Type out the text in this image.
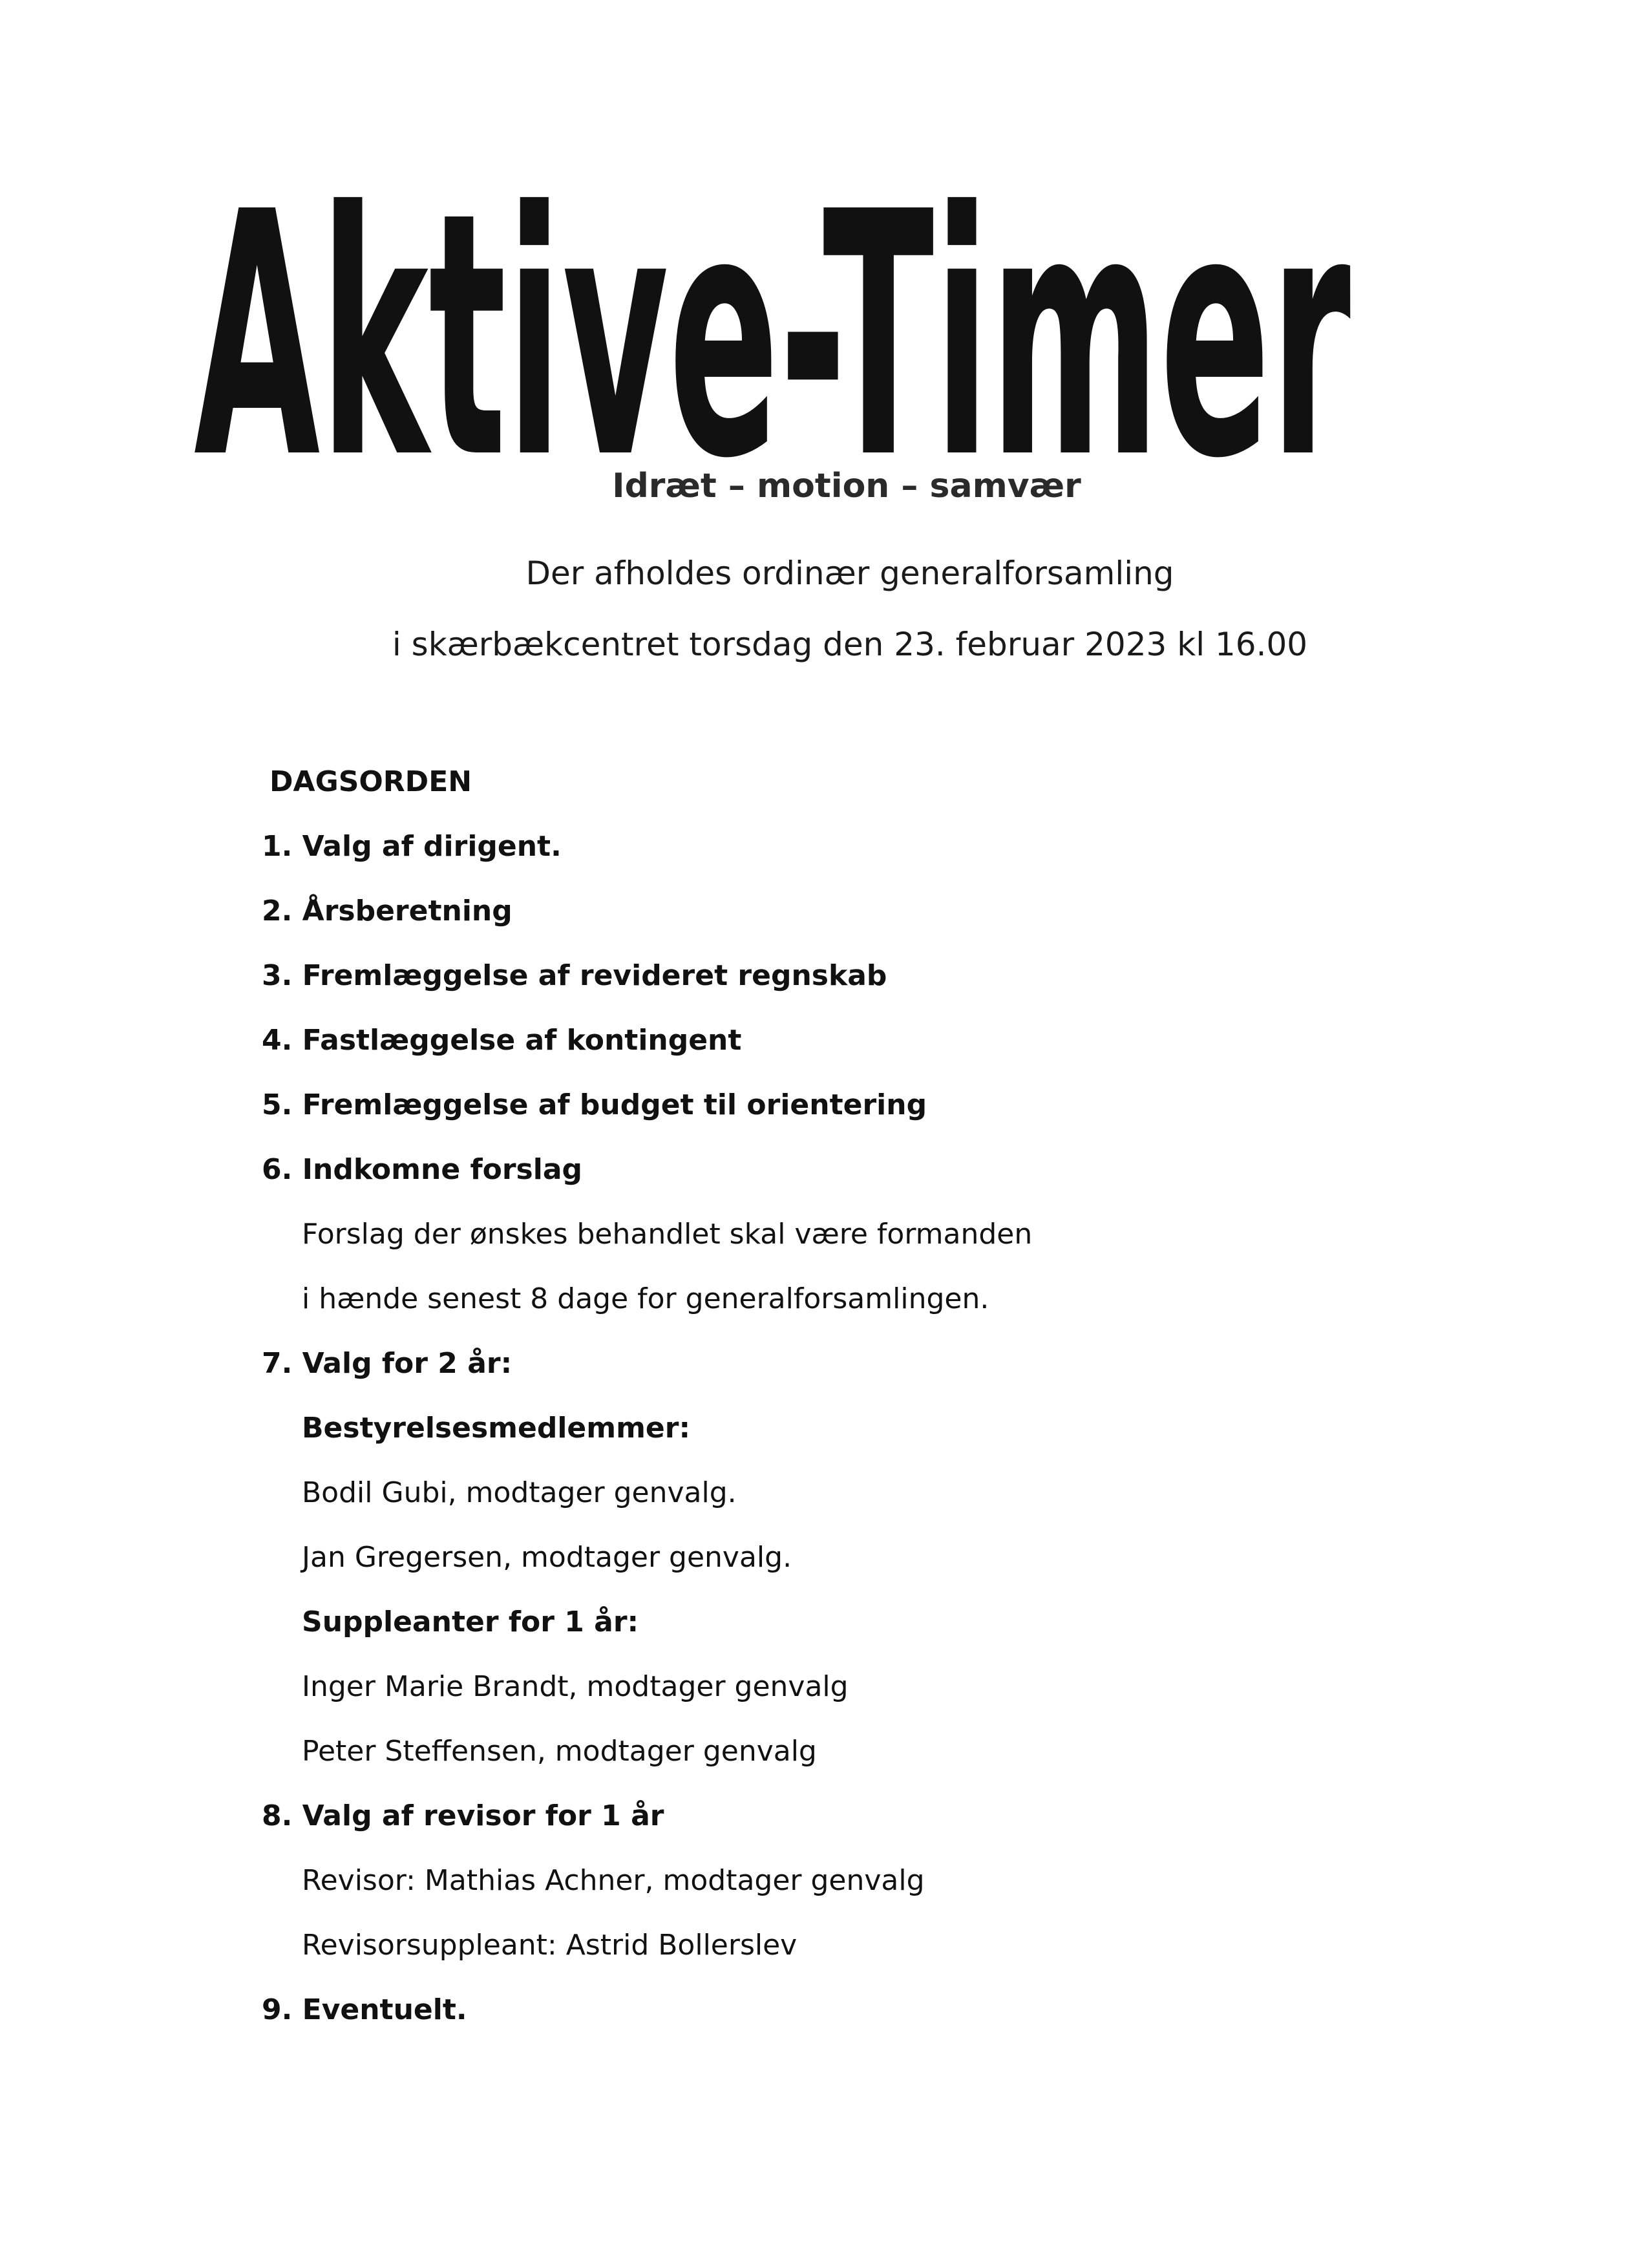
Aktive-Timer
Idræt – motion – samvær
Der afholdes ordinær generalforsamling
i skærbækcentret torsdag den 23. februar 2023 kl 16.00
DAGSORDEN
1. Valg af dirigent.
2. Årsberetning
3. Fremlæggelse af revideret regnskab
4. Fastlæggelse af kontingent
5. Fremlæggelse af budget til orientering
6. Indkomne forslag
Forslag der ønskes behandlet skal være formanden
i hænde senest 8 dage for generalforsamlingen.
7. Valg for 2 år:
Bestyrelsesmedlemmer:
Bodil Gubi, modtager genvalg.
Jan Gregersen, modtager genvalg.
Suppleanter for 1 år:
Inger Marie Brandt, modtager genvalg
Peter Steffensen, modtager genvalg
8. Valg af revisor for 1 år
Revisor: Mathias Achner, modtager genvalg
Revisorsuppleant: Astrid Bollerslev
9. Eventuelt.
